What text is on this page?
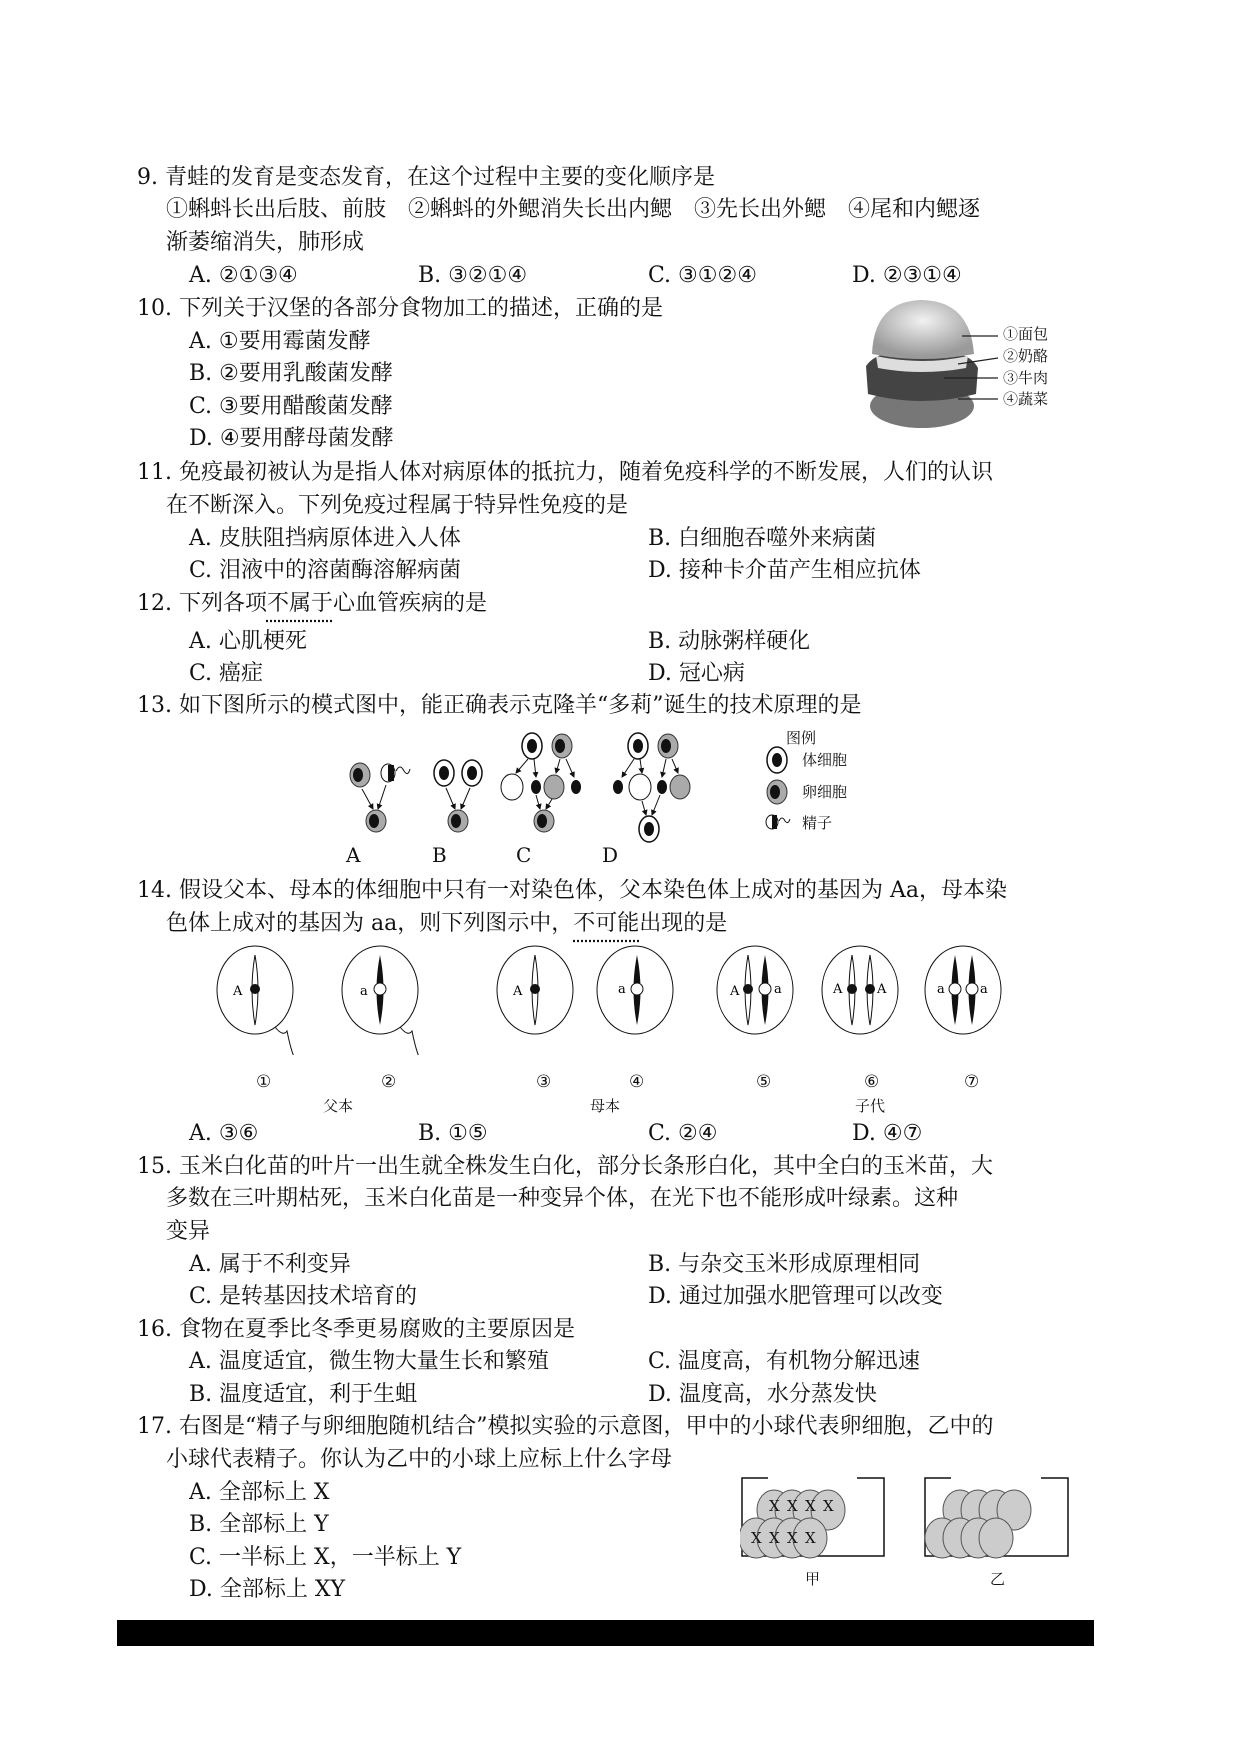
9. 青蛙的发育是变态发育，在这个过程中主要的变化顺序是
①蝌蚪长出后肢、前肢　②蝌蚪的外鳃消失长出内鳃　③先长出外鳃　④尾和内鳃逐
渐萎缩消失，肺形成
A. ②①③④	B. ③②①④	C. ③①②④	D. ②③①④
10. 下列关于汉堡的各部分食物加工的描述，正确的是
A. ①要用霉菌发酵
B. ②要用乳酸菌发酵
C. ③要用醋酸菌发酵
D. ④要用酵母菌发酵
①面包
②奶酪
③牛肉
④蔬菜
11. 免疫最初被认为是指人体对病原体的抵抗力，随着免疫科学的不断发展，人们的认识
在不断深入。下列免疫过程属于特异性免疫的是
A. 皮肤阻挡病原体进入人体	B. 白细胞吞噬外来病菌
C. 泪液中的溶菌酶溶解病菌	D. 接种卡介苗产生相应抗体
12. 下列各项不属于心血管疾病的是
A. 心肌梗死	B. 动脉粥样硬化
C. 癌症	D. 冠心病
13. 如下图所示的模式图中，能正确表示克隆羊“多莉”诞生的技术原理的是
A	B	C	D
图例
体细胞
卵细胞
精子
14. 假设父本、母本的体细胞中只有一对染色体，父本染色体上成对的基因为 Aa，母本染
色体上成对的基因为 aa，则下列图示中，不可能出现的是
A	a	A	a	A	a	A	A	a	a
①	②	③	④	⑤	⑥	⑦
父本	母本	子代
A. ③⑥	B. ①⑤	C. ②④	D. ④⑦
15. 玉米白化苗的叶片一出生就全株发生白化，部分长条形白化，其中全白的玉米苗，大
多数在三叶期枯死，玉米白化苗是一种变异个体，在光下也不能形成叶绿素。这种
变异
A. 属于不利变异	B. 与杂交玉米形成原理相同
C. 是转基因技术培育的	D. 通过加强水肥管理可以改变
16. 食物在夏季比冬季更易腐败的主要原因是
A. 温度适宜，微生物大量生长和繁殖	C. 温度高，有机物分解迅速
B. 温度适宜，利于生蛆	D. 温度高，水分蒸发快
17. 右图是“精子与卵细胞随机结合”模拟实验的示意图，甲中的小球代表卵细胞，乙中的
小球代表精子。你认为乙中的小球上应标上什么字母
A. 全部标上 X
B. 全部标上 Y
C. 一半标上 X，一半标上 Y
D. 全部标上 XY
X X X X
X X X X
甲	乙
